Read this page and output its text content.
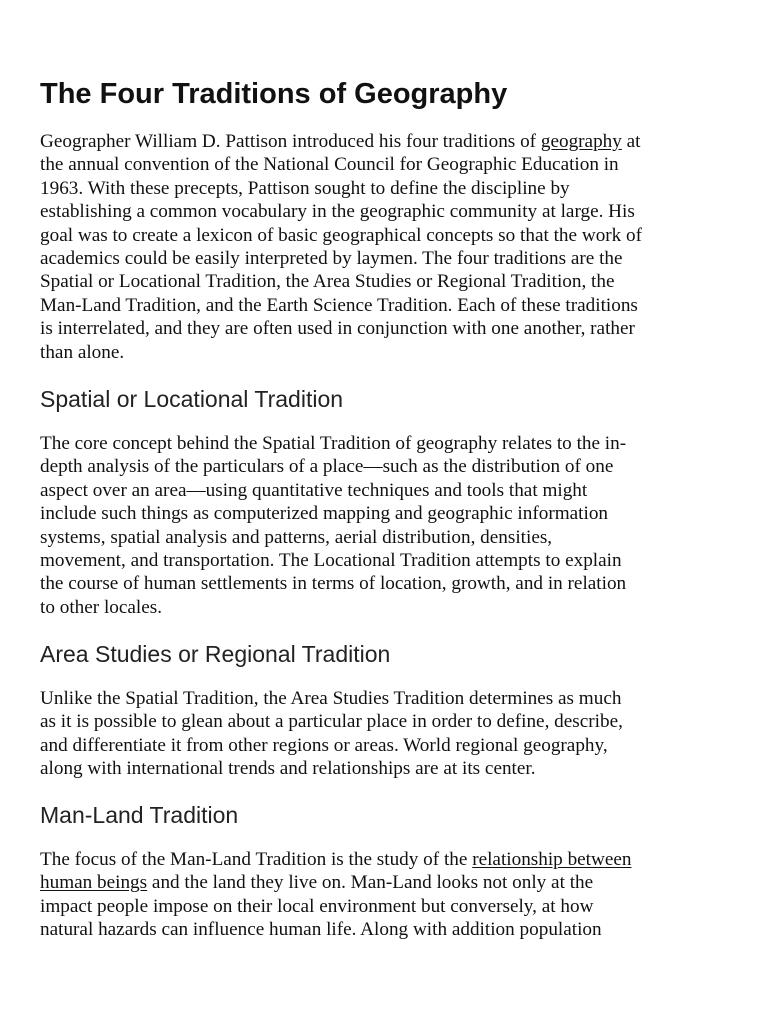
The Four Traditions of Geography
Geographer William D. Pattison introduced his four traditions of geography at
the annual convention of the National Council for Geographic Education in
1963. With these precepts, Pattison sought to define the discipline by
establishing a common vocabulary in the geographic community at large. His
goal was to create a lexicon of basic geographical concepts so that the work of
academics could be easily interpreted by laymen. The four traditions are the
Spatial or Locational Tradition, the Area Studies or Regional Tradition, the
Man-Land Tradition, and the Earth Science Tradition. Each of these traditions
is interrelated, and they are often used in conjunction with one another, rather
than alone.
Spatial or Locational Tradition
The core concept behind the Spatial Tradition of geography relates to the in-
depth analysis of the particulars of a place—such as the distribution of one
aspect over an area—using quantitative techniques and tools that might
include such things as computerized mapping and geographic information
systems, spatial analysis and patterns, aerial distribution, densities,
movement, and transportation. The Locational Tradition attempts to explain
the course of human settlements in terms of location, growth, and in relation
to other locales.
Area Studies or Regional Tradition
Unlike the Spatial Tradition, the Area Studies Tradition determines as much
as it is possible to glean about a particular place in order to define, describe,
and differentiate it from other regions or areas. World regional geography,
along with international trends and relationships are at its center.
Man-Land Tradition
The focus of the Man-Land Tradition is the study of the relationship between
human beings and the land they live on. Man-Land looks not only at the
impact people impose on their local environment but conversely, at how
natural hazards can influence human life. Along with addition population
